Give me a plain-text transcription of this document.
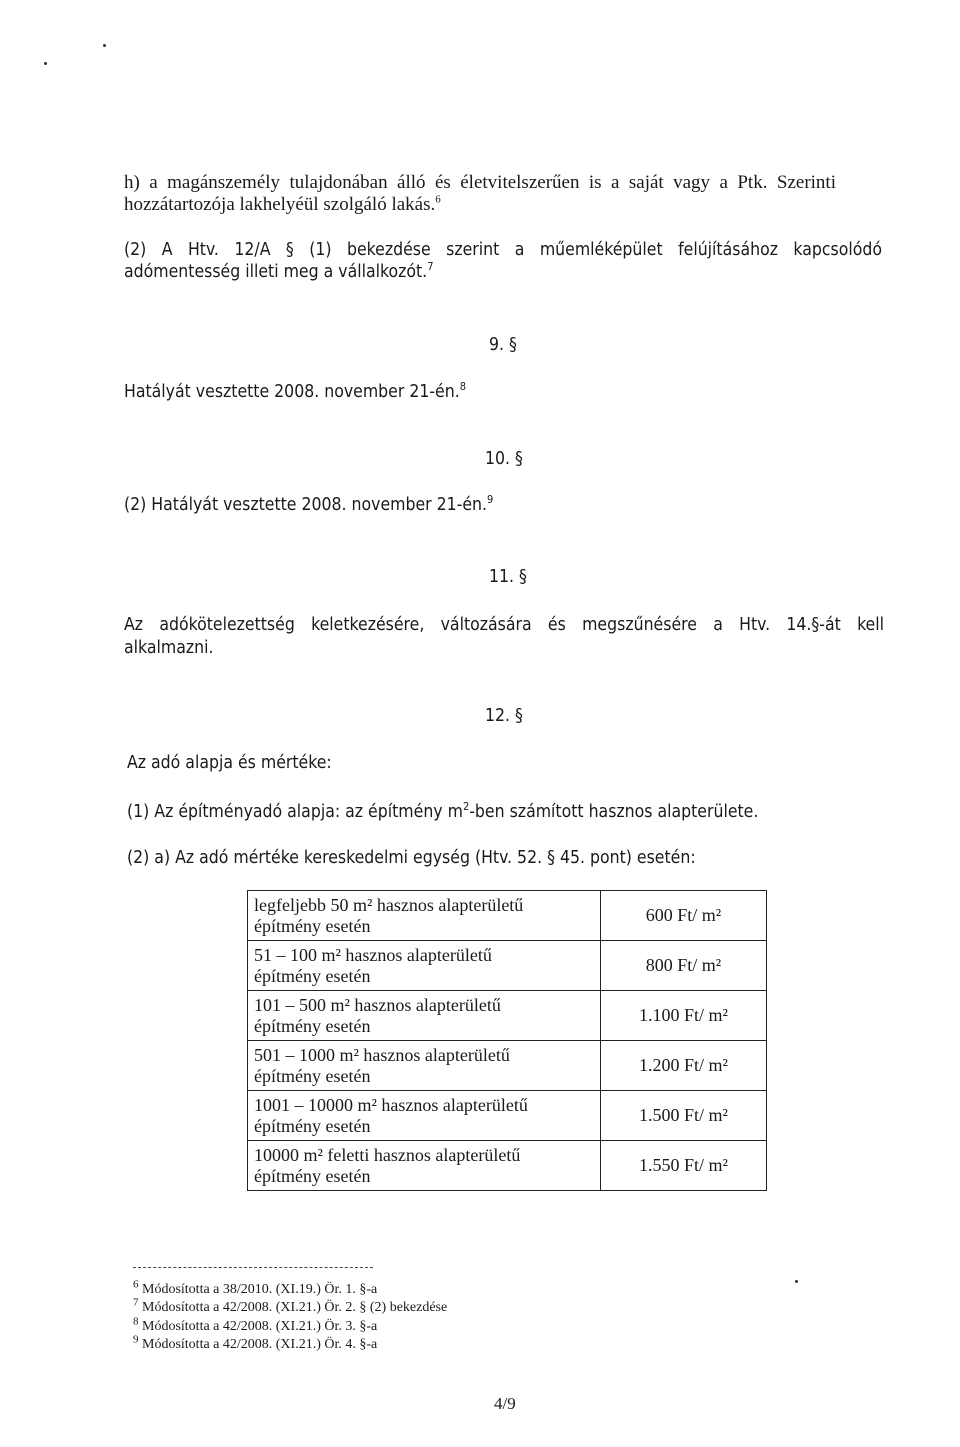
h) a magánszemély tulajdonában álló és életvitelszerűen is a saját vagy a Ptk. Szerinti
hozzátartozója lakhelyéül szolgáló lakás.$^6$
(2) A Htv. 12/A § (1) bekezdése szerint a műemléképület felújításához kapcsolódó
adómentesség illeti meg a vállalkozót.$^7$
9. §
Hatályát vesztette 2008. november 21-én.$^8$
10. §
(2) Hatályát vesztette 2008. november 21-én.$^9$
11. §
Az adókötelezettség keletkezésére, változására és megszűnésére a Htv. 14.§-át kell
alkalmazni.
12. §
Az adó alapja és mértéke:
(1) Az építményadó alapja: az építmény $m^2$-ben számított hasznos alapterülete.
(2) a) Az adó mértéke kereskedelmi egység (Htv. 52. § 45. pont) esetén:
legfeljebb 50 m² hasznos alapterületű
építmény esetén	600 Ft/ m²
51 – 100 m² hasznos alapterületű
építmény esetén	800 Ft/ m²
101 – 500 m² hasznos alapterületű
építmény esetén	1.100 Ft/ m²
501 – 1000 m² hasznos alapterületű
építmény esetén	1.200 Ft/ m²
1001 – 10000 m² hasznos alapterületű
építmény esetén	1.500 Ft/ m²
10000 m² feletti hasznos alapterületű
építmény esetén	1.550 Ft/ m²
$^6$ Módosította a 38/2010. (XI.19.) Ör. 1. §-a
$^7$ Módosította a 42/2008. (XI.21.) Ör. 2. § (2) bekezdése
$^8$ Módosította a 42/2008. (XI.21.) Ör. 3. §-a
$^9$ Módosította a 42/2008. (XI.21.) Ör. 4. §-a
4/9
